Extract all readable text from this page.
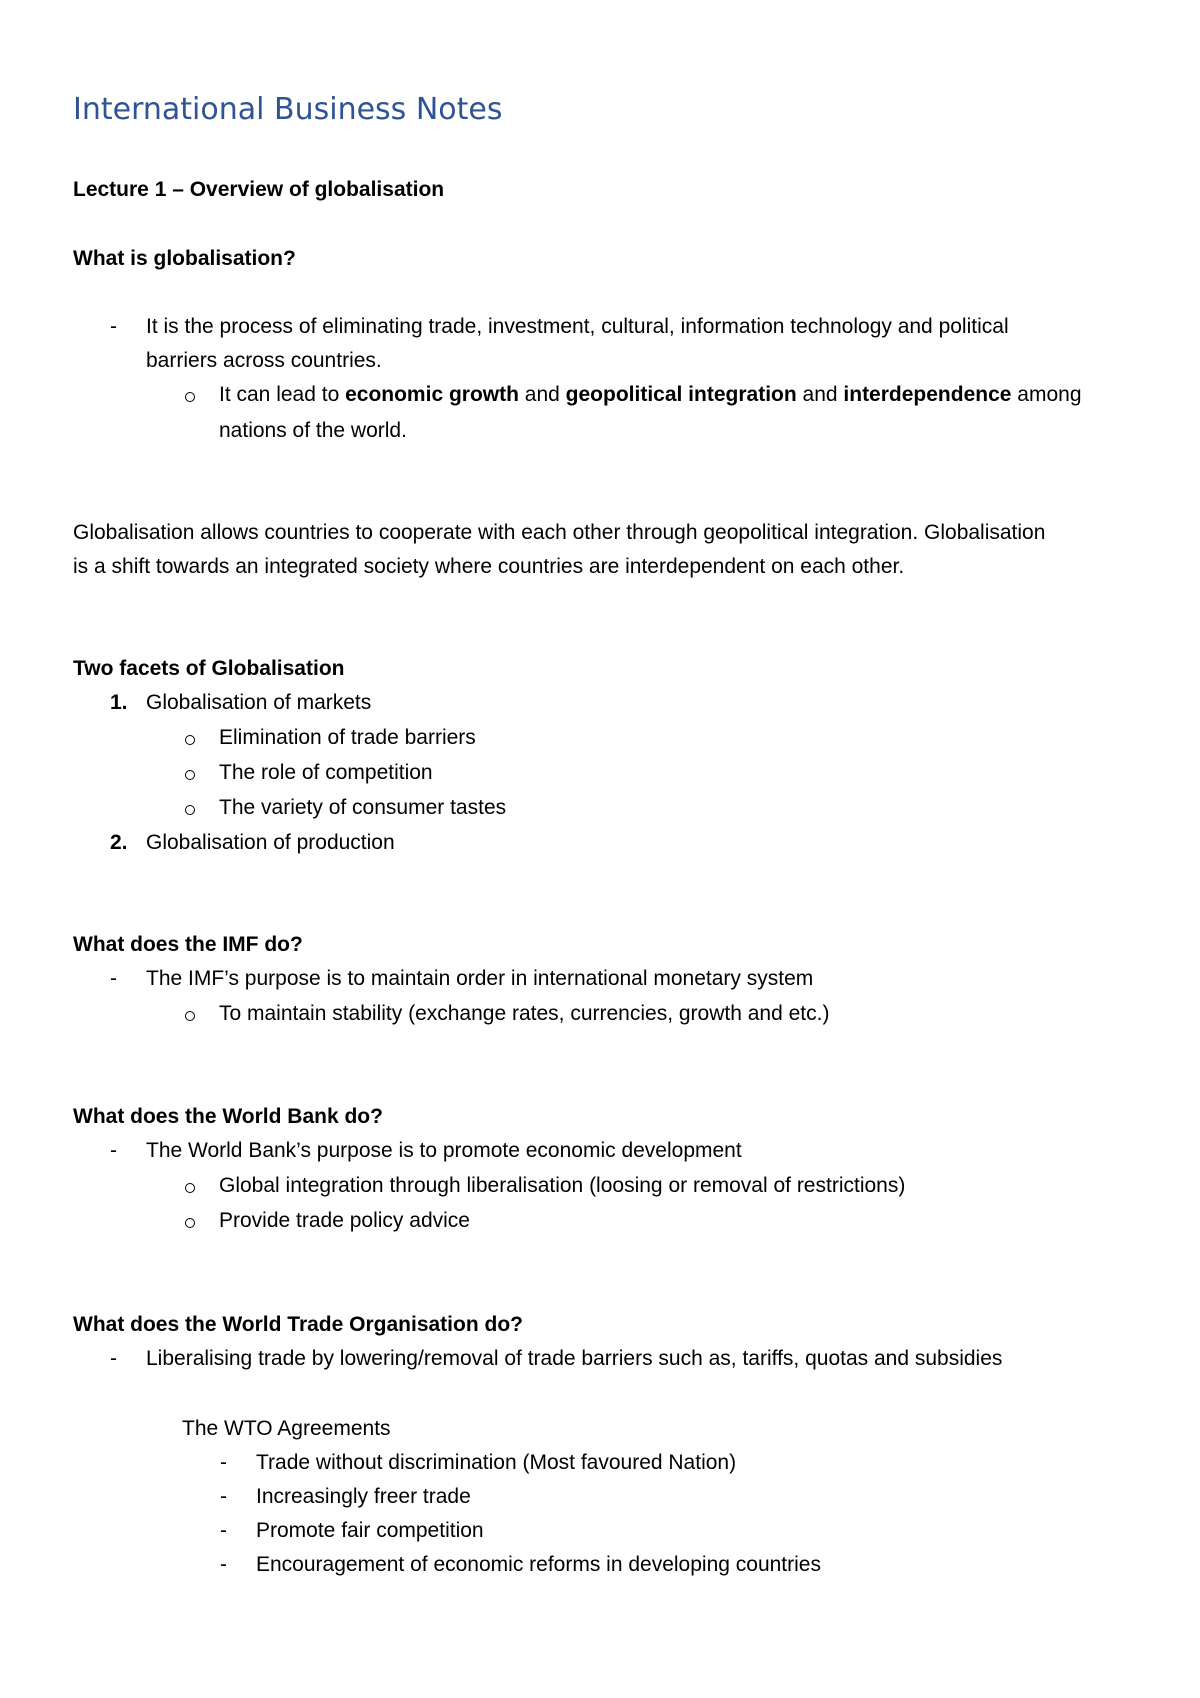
International Business Notes
Lecture 1 – Overview of globalisation
What is globalisation?
- It is the process of eliminating trade, investment, cultural, information technology and political
barriers across countries.
It can lead to economic growth and geopolitical integration and interdependence among
nations of the world.
Globalisation allows countries to cooperate with each other through geopolitical integration. Globalisation
is a shift towards an integrated society where countries are interdependent on each other.
Two facets of Globalisation
1. Globalisation of markets
Elimination of trade barriers
The role of competition
The variety of consumer tastes
2. Globalisation of production
What does the IMF do?
- The IMF’s purpose is to maintain order in international monetary system
To maintain stability (exchange rates, currencies, growth and etc.)
What does the World Bank do?
- The World Bank’s purpose is to promote economic development
Global integration through liberalisation (loosing or removal of restrictions)
Provide trade policy advice
What does the World Trade Organisation do?
- Liberalising trade by lowering/removal of trade barriers such as, tariffs, quotas and subsidies
The WTO Agreements
- Trade without discrimination (Most favoured Nation)
- Increasingly freer trade
- Promote fair competition
- Encouragement of economic reforms in developing countries
